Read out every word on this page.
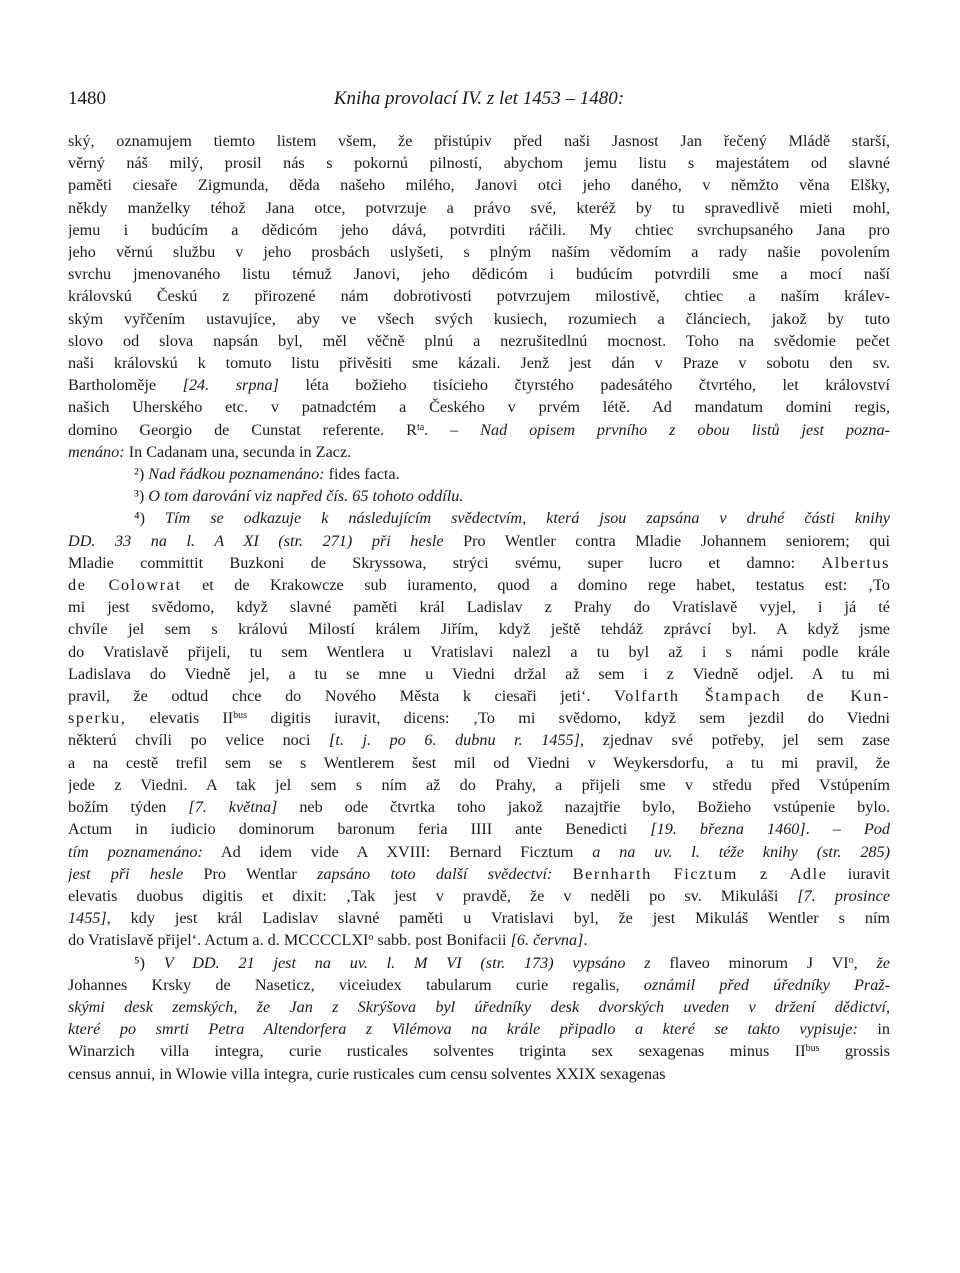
1480	Kniha provolací IV. z let 1453 – 1480:
ský, oznamujem tiemto listem všem, že přistúpiv před naši Jasnost Jan řečený Mládě starší,
věrný náš milý, prosil nás s pokornú pilností, abychom jemu listu s majestátem od slavné
paměti ciesaře Zigmunda, děda našeho milého, Janovi otci jeho daného, v němžto věna Elšky,
někdy manželky téhož Jana otce, potvrzuje a právo své, kteréž by tu spravedlivě mieti mohl,
jemu i budúcím a dědicóm jeho dává, potvrditi ráčili. My chtiec svrchupsaného Jana pro
jeho věrnú službu v jeho prosbách uslyšeti, s plným naším vědomím a rady našie povolením
svrchu jmenovaného listu témuž Janovi, jeho dědicóm i budúcím potvrdili sme a mocí naší
královskú Českú z přirozené nám dobrotivosti potvrzujem milostivě, chtiec a naším králev-
ským vyřčením ustavujíce, aby ve všech svých kusiech, rozumiech a článciech, jakož by tuto
slovo od slova napsán byl, měl věčně plnú a nezrušitedlnú mocnost. Toho na svědomie pečet
naši královskú k tomuto listu přivěsiti sme kázali. Jenž jest dán v Praze v sobotu den sv.
Bartholoměje [24. srpna] léta božieho tisícieho čtyrstého padesátého čtvrtého, let království
našich Uherského etc. v patnadctém a Českého v prvém létě. Ad mandatum domini regis,
domino Georgio de Cunstat referente. $R^{ta}$. – Nad opisem prvního z obou listů jest pozna-
menáno: In Cadanam una, secunda in Zacz.
²) Nad řádkou poznamenáno: fides facta.
³) O tom darování viz napřed čís. 65 tohoto oddílu.
⁴) Tím se odkazuje k následujícím svědectvím, která jsou zapsána v druhé části knihy
DD. 33 na l. A XI (str. 271) při hesle Pro Wentler contra Mladie Johannem seniorem; qui
Mladie committit Buzkoni de Skryssowa, strýci svému, super lucro et damno: Albertus
de Colowrat et de Krakowcze sub iuramento, quod a domino rege habet, testatus est: ‚To
mi jest svědomo, když slavné paměti král Ladislav z Prahy do Vratislavě vyjel, i já té
chvíle jel sem s královú Milostí králem Jiřím, když ještě tehdáž zprávcí byl. A když jsme
do Vratislavě přijeli, tu sem Wentlera u Vratislavi nalezl a tu byl až i s námi podle krále
Ladislava do Viedně jel, a tu se mne u Viedni držal až sem i z Viedně odjel. A tu mi
pravil, že odtud chce do Nového Města k ciesaři jeti‘. Volfarth Štampach de Kun-
sperku, elevatis $II^{bus}$ digitis iuravit, dicens: ‚To mi svědomo, když sem jezdil do Viedni
některú chvíli po velice noci [t. j. po 6. dubnu r. 1455], zjednav své potřeby, jel sem zase
a na cestě trefil sem se s Wentlerem šest mil od Viedni v Weykersdorfu, a tu mi pravil, že
jede z Viedni. A tak jel sem s ním až do Prahy, a přijeli sme v středu před Vstúpením
božím týden [7. května] neb ode čtvrtka toho jakož nazajtřie bylo, Božieho vstúpenie bylo.
Actum in iudicio dominorum baronum feria IIII ante Benedicti [19. března 1460]. – Pod
tím poznamenáno: Ad idem vide A XVIII: Bernard Ficztum a na uv. l. téže knihy (str. 285)
jest při hesle Pro Wentlar zapsáno toto další svědectví: Bernharth Ficztum z Adle iuravit
elevatis duobus digitis et dixit: ‚Tak jest v pravdě, že v neděli po sv. Mikuláši [7. prosince
1455], kdy jest král Ladislav slavné paměti u Vratislavi byl, že jest Mikuláš Wentler s ním
do Vratislavě přijel‘. Actum a. d. MCCCCLXI$^o$ sabb. post Bonifacii [6. června].
⁵) V DD. 21 jest na uv. l. M VI (str. 173) vypsáno z flaveo minorum J $VI^o$, že
Johannes Krsky de Naseticz, viceiudex tabularum curie regalis, oznámil před úředníky Praž-
skými desk zemských, že Jan z Skrýšova byl úředníky desk dvorských uveden v držení dědictví,
které po smrti Petra Altendorfera z Vilémova na krále připadlo a které se takto vypisuje: in
Winarzich villa integra, curie rusticales solventes triginta sex sexagenas minus $II^{bus}$ grossis
census annui, in Wlowie villa integra, curie rusticales cum censu solventes XXIX sexagenas
